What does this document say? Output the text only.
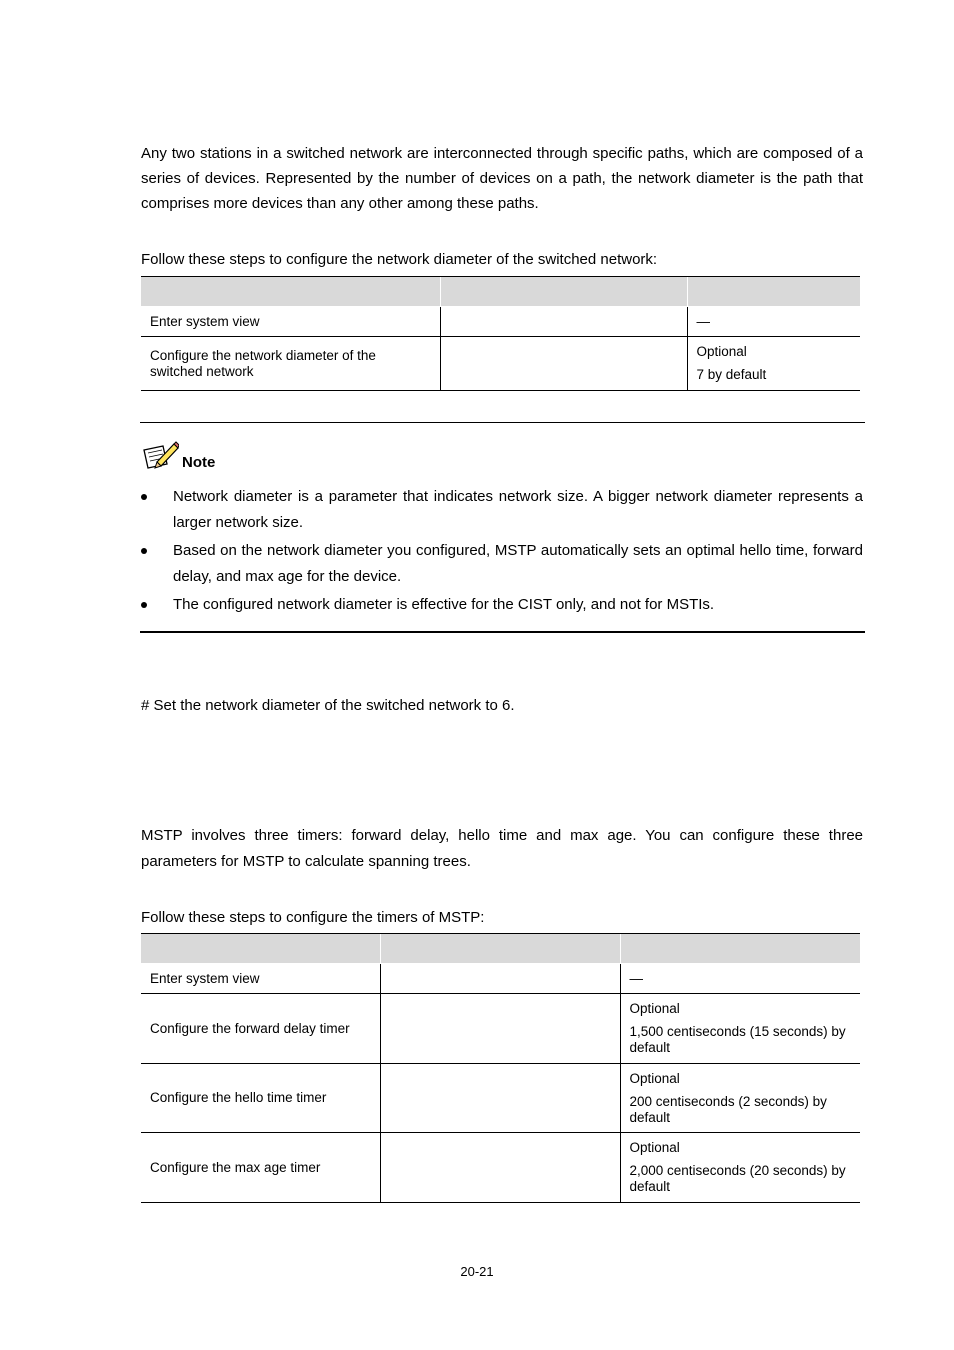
Any two stations in a switched network are interconnected through specific paths, which are composed of a series of devices. Represented by the number of devices on a path, the network diameter is the path that comprises more devices than any other among these paths.

Follow these steps to configure the network diameter of the switched network:

Enter system view		—

Configure the network diameter of the switched network		Optional
7 by default
Note
Network diameter is a parameter that indicates network size. A bigger network diameter represents a larger network size.
Based on the network diameter you configured, MSTP automatically sets an optimal hello time, forward delay, and max age for the device.
The configured network diameter is effective for the CIST only, and not for MSTIs.

# Set the network diameter of the switched network to 6.

MSTP involves three timers: forward delay, hello time and max age. You can configure these three parameters for MSTP to calculate spanning trees.

Follow these steps to configure the timers of MSTP:

Enter system view		—

Configure the forward delay timer		Optional
1,500 centiseconds (15 seconds) by default

Configure the hello time timer		Optional
200 centiseconds (2 seconds) by default

Configure the max age timer		Optional
2,000 centiseconds (20 seconds) by default
20-21
